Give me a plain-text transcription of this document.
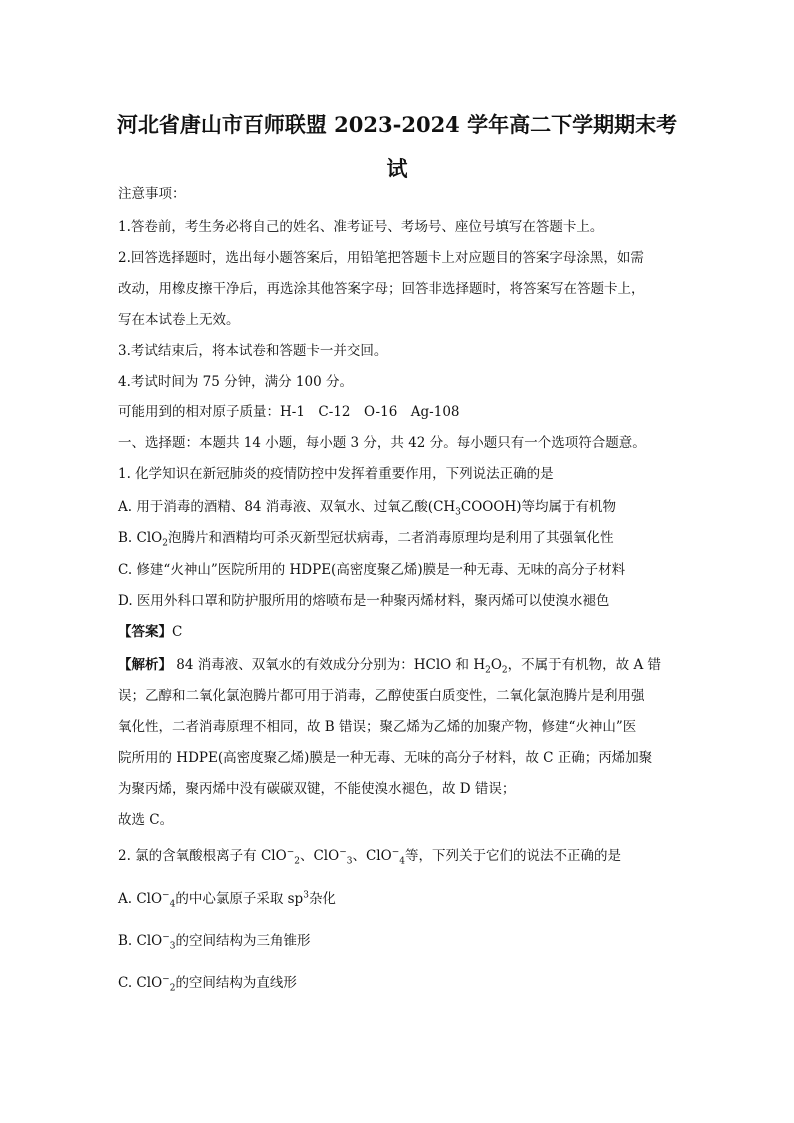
河北省唐山市百师联盟 2023-2024 学年高二下学期期末考
试
注意事项：
1.答卷前，考生务必将自己的姓名、准考证号、考场号、座位号填写在答题卡上。
2.回答选择题时，选出每小题答案后，用铅笔把答题卡上对应题目的答案字母涂黑，如需
改动，用橡皮擦干净后，再选涂其他答案字母；回答非选择题时，将答案写在答题卡上，
写在本试卷上无效。
3.考试结束后，将本试卷和答题卡一并交回。
4.考试时间为 75 分钟，满分 100 分。
可能用到的相对原子质量：H-1　C-12　O-16　Ag-108
一、选择题：本题共 14 小题，每小题 3 分，共 42 分。每小题只有一个选项符合题意。
1. 化学知识在新冠肺炎的疫情防控中发挥着重要作用，下列说法正确的是
A. 用于消毒的酒精、84 消毒液、双氧水、过氧乙酸$(CH_3COOOH)$等均属于有机物
B. ClO$_2$泡腾片和酒精均可杀灭新型冠状病毒，二者消毒原理均是利用了其强氧化性
C. 修建“火神山”医院所用的 HDPE(高密度聚乙烯)膜是一种无毒、无味的高分子材料
D. 医用外科口罩和防护服所用的熔喷布是一种聚丙烯材料，聚丙烯可以使溴水褪色
【答案】C
【解析】 84 消毒液、双氧水的有效成分分别为：HClO 和 $H_2O_2$，不属于有机物，故 A 错
误；乙醇和二氧化氯泡腾片都可用于消毒，乙醇使蛋白质变性，二氧化氯泡腾片是利用强
氧化性，二者消毒原理不相同，故 B 错误；聚乙烯为乙烯的加聚产物，修建“火神山”医
院所用的 HDPE(高密度聚乙烯)膜是一种无毒、无味的高分子材料，故 C 正确；丙烯加聚
为聚丙烯，聚丙烯中没有碳碳双键，不能使溴水褪色，故 D 错误；
故选 C。
2. 氯的含氧酸根离子有 ClO−$_2$、ClO−$_3$、ClO−$_4$等，下列关于它们的说法不正确的是
A. ClO−$_4$的中心氯原子采取 $sp^3$杂化
B. ClO−$_3$的空间结构为三角锥形
C. ClO−$_2$的空间结构为直线形
